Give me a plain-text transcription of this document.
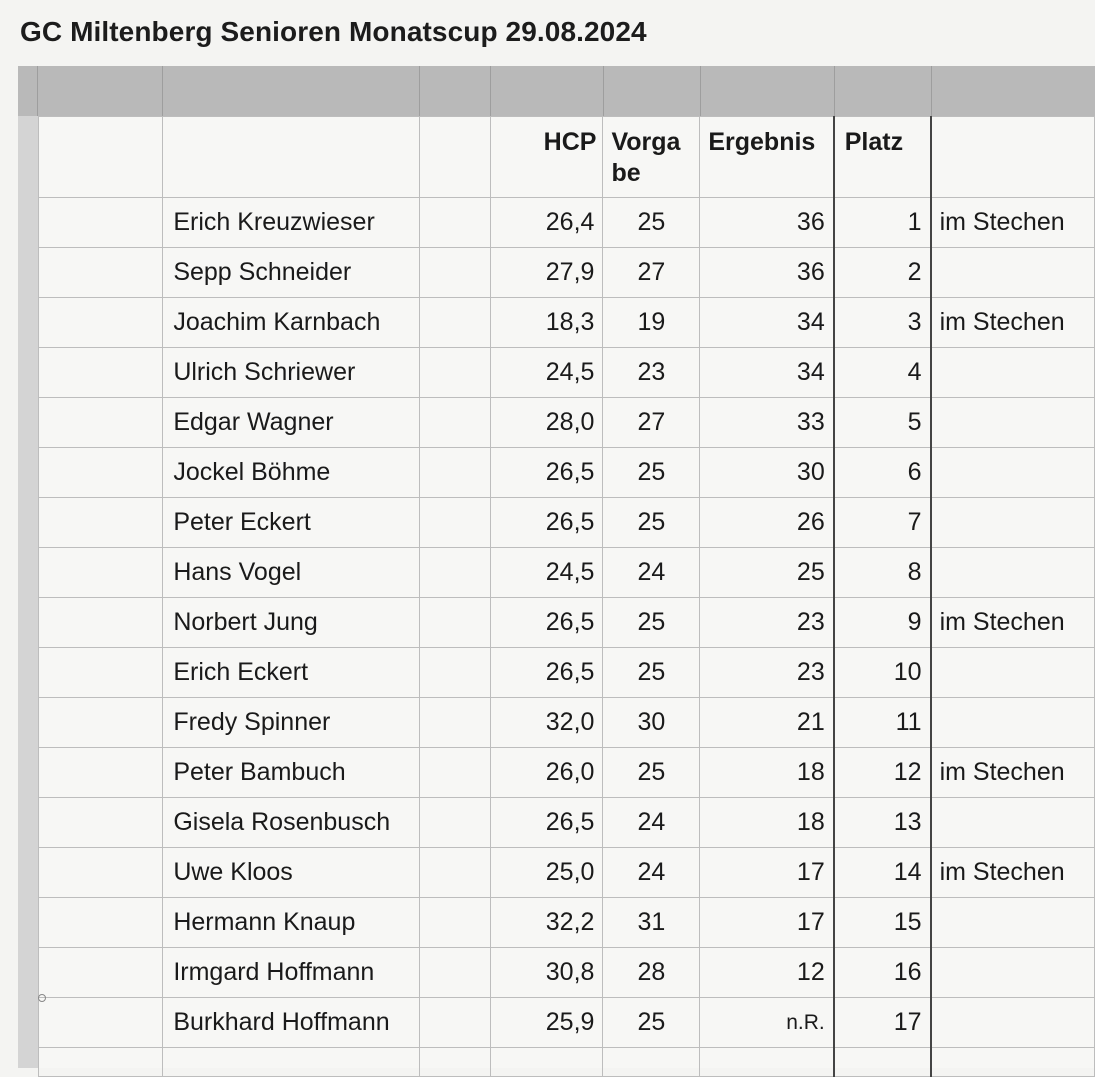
GC Miltenberg Senioren Monatscup 29.08.2024
			HCP	Vorga be	Ergebnis	Platz	
	Erich Kreuzwieser		26,4	25	36	1	im Stechen
	Sepp Schneider		27,9	27	36	2	
	Joachim Karnbach		18,3	19	34	3	im Stechen
	Ulrich Schriewer		24,5	23	34	4	
	Edgar Wagner		28,0	27	33	5	
	Jockel Böhme		26,5	25	30	6	
	Peter Eckert		26,5	25	26	7	
	Hans Vogel		24,5	24	25	8	
	Norbert Jung		26,5	25	23	9	im Stechen
	Erich Eckert		26,5	25	23	10	
	Fredy Spinner		32,0	30	21	11	
	Peter Bambuch		26,0	25	18	12	im Stechen
	Gisela Rosenbusch		26,5	24	18	13	
	Uwe Kloos		25,0	24	17	14	im Stechen
	Hermann Knaup		32,2	31	17	15	
	Irmgard Hoffmann		30,8	28	12	16	
	Burkhard Hoffmann		25,9	25	n.R.	17	
